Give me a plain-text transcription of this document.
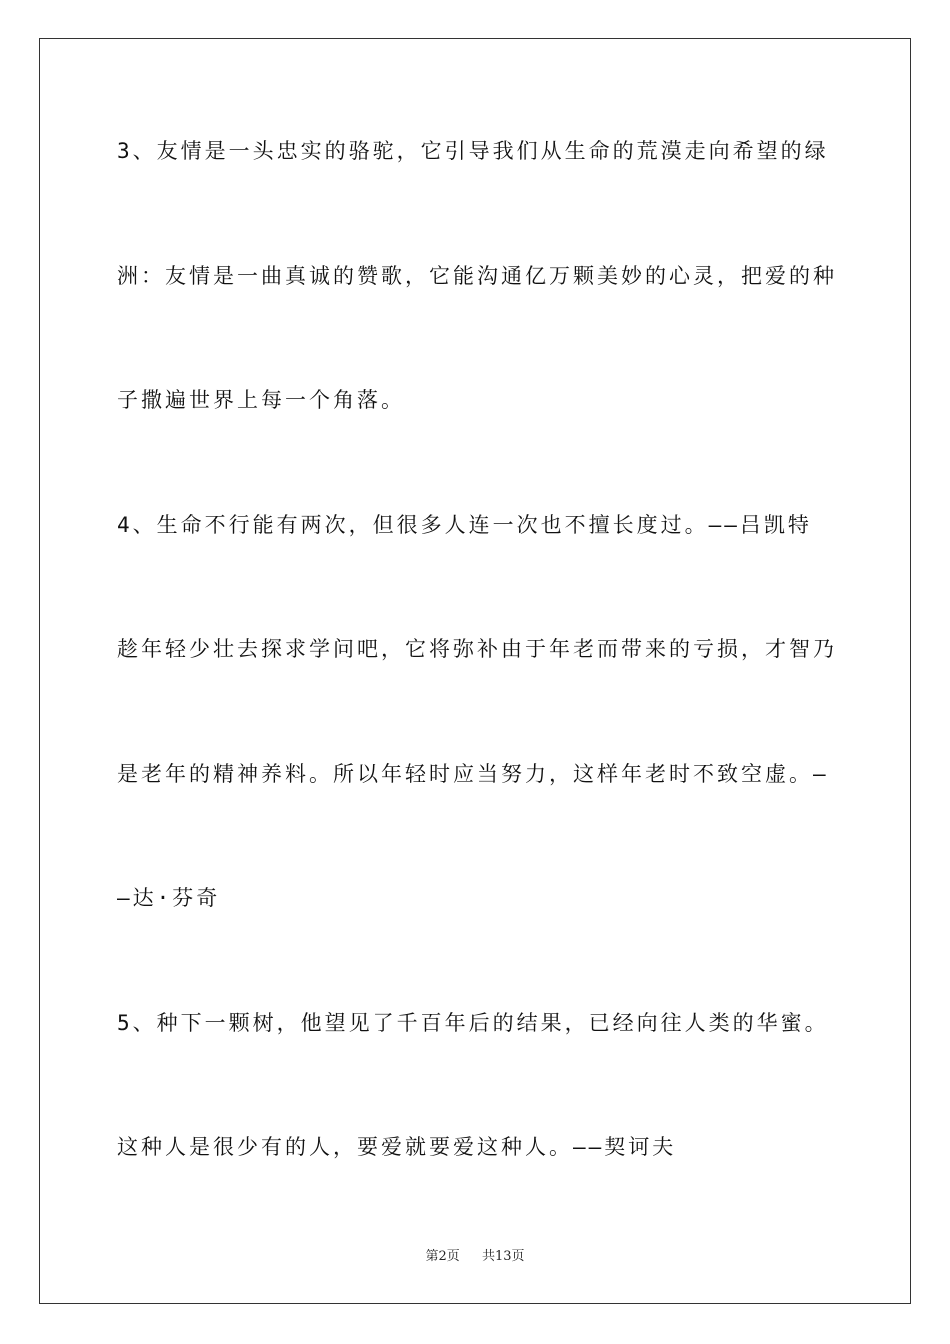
3、友情是一头忠实的骆驼，它引导我们从生命的荒漠走向希望的绿

洲：友情是一曲真诚的赞歌，它能沟通亿万颗美妙的心灵，把爱的种

子撒遍世界上每一个角落。

4、生命不行能有两次，但很多人连一次也不擅长度过。——吕凯特

趁年轻少壮去探求学问吧，它将弥补由于年老而带来的亏损，才智乃

是老年的精神养料。所以年轻时应当努力，这样年老时不致空虚。—

—达·芬奇

5、种下一颗树，他望见了千百年后的结果，已经向往人类的华蜜。

这种人是很少有的人，要爱就要爱这种人。——契诃夫

第2页 共13页
